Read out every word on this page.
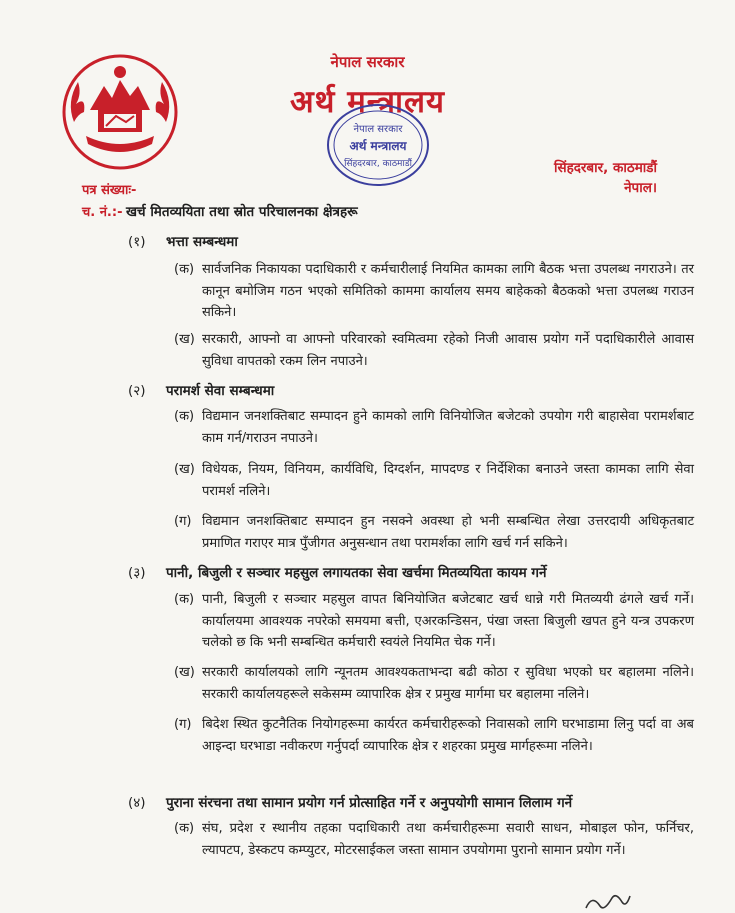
नेपाल सरकार
अर्थ मन्त्रालय
नेपाल सरकार
अर्थ मन्त्रालय
सिंहदरबार, काठमाडौं	सिंहदरबार, काठमाडौं
नेपाल।
पत्र संख्याः-
च. नं.:- खर्च मितव्ययिता तथा स्रोत परिचालनका क्षेत्रहरू
(१) भत्ता सम्बन्धमा
(क) सार्वजनिक निकायका पदाधिकारी र कर्मचारीलाई नियमित कामका लागि बैठक भत्ता उपलब्ध नगराउने। तर कानून बमोजिम गठन भएको समितिको काममा कार्यालय समय बाहेकको बैठकको भत्ता उपलब्ध गराउन सकिने।
(ख) सरकारी, आफ्नो वा आफ्नो परिवारको स्वमित्वमा रहेको निजी आवास प्रयोग गर्ने पदाधिकारीले आवास सुविधा वापतको रकम लिन नपाउने।
(२) परामर्श सेवा सम्बन्धमा
(क) विद्यमान जनशक्तिबाट सम्पादन हुने कामको लागि विनियोजित बजेटको उपयोग गरी बाहासेवा परामर्शबाट काम गर्न/गराउन नपाउने।
(ख) विधेयक, नियम, विनियम, कार्यविधि, दिग्दर्शन, मापदण्ड र निर्देशिका बनाउने जस्ता कामका लागि सेवा परामर्श नलिने।
(ग) विद्यमान जनशक्तिबाट सम्पादन हुन नसक्ने अवस्था हो भनी सम्बन्धित लेखा उत्तरदायी अधिकृतबाट प्रमाणित गराएर मात्र पुँजीगत अनुसन्धान तथा परामर्शका लागि खर्च गर्न सकिने।
(३) पानी, बिजुली र सञ्चार महसुल लगायतका सेवा खर्चमा मितव्ययिता कायम गर्ने
(क) पानी, बिजुली र सञ्चार महसुल वापत बिनियोजित बजेटबाट खर्च धान्ने गरी मितव्ययी ढंगले खर्च गर्ने। कार्यालयमा आवश्यक नपरेको समयमा बत्ती, एअरकन्डिसन, पंखा जस्ता बिजुली खपत हुने यन्त्र उपकरण चलेको छ कि भनी सम्बन्धित कर्मचारी स्वयंले नियमित चेक गर्ने।
(ख) सरकारी कार्यालयको लागि न्यूनतम आवश्यकताभन्दा बढी कोठा र सुविधा भएको घर बहालमा नलिने। सरकारी कार्यालयहरूले सकेसम्म व्यापारिक क्षेत्र र प्रमुख मार्गमा घर बहालमा नलिने।
(ग) बिदेश स्थित कुटनैतिक नियोगहरूमा कार्यरत कर्मचारीहरूको निवासको लागि घरभाडामा लिनु पर्दा वा अब आइन्दा घरभाडा नवीकरण गर्नुपर्दा व्यापारिक क्षेत्र र शहरका प्रमुख मार्गहरूमा नलिने।
(४) पुराना संरचना तथा सामान प्रयोग गर्न प्रोत्साहित गर्ने र अनुपयोगी सामान लिलाम गर्ने
(क) संघ, प्रदेश र स्थानीय तहका पदाधिकारी तथा कर्मचारीहरूमा सवारी साधन, मोबाइल फोन, फर्निचर, ल्यापटप, डेस्कटप कम्प्युटर, मोटरसाईकल जस्ता सामान उपयोगमा पुरानो सामान प्रयोग गर्ने।
